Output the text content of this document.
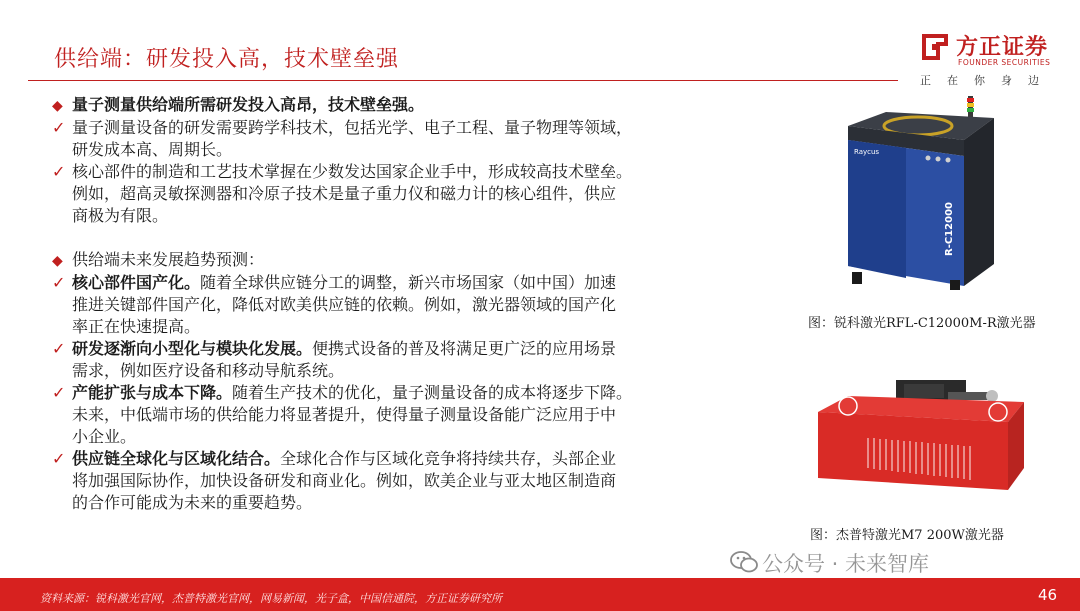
供给端：研发投入高，技术壁垒强	方正证券
FOUNDER SECURITIES
正在你身边
◆ 量子测量供给端所需研发投入高昂，技术壁垒强。
✓ 量子测量设备的研发需要跨学科技术，包括光学、电子工程、量子物理等领域，
研发成本高、周期长。
✓ 核心部件的制造和工艺技术掌握在少数发达国家企业手中，形成较高技术壁垒。
例如，超高灵敏探测器和冷原子技术是量子重力仪和磁力计的核心组件，供应
商极为有限。
◆ 供给端未来发展趋势预测：
✓ 核心部件国产化。随着全球供应链分工的调整，新兴市场国家（如中国）加速
推进关键部件国产化，降低对欧美供应链的依赖。例如，激光器领域的国产化
率正在快速提高。
✓ 研发逐渐向小型化与模块化发展。便携式设备的普及将满足更广泛的应用场景
需求，例如医疗设备和移动导航系统。
✓ 产能扩张与成本下降。随着生产技术的优化，量子测量设备的成本将逐步下降。
未来，中低端市场的供给能力将显著提升，使得量子测量设备能广泛应用于中
小企业。
✓ 供应链全球化与区域化结合。全球化合作与区域化竞争将持续共存，头部企业
将加强国际协作，加快设备研发和商业化。例如，欧美企业与亚太地区制造商
的合作可能成为未来的重要趋势。
Raycus
R-C12000
图：锐科激光RFL-C12000M-R激光器
图：杰普特激光M7 200W激光器
公众号 · 未来智库
资料来源：锐科激光官网，杰普特激光官网，网易新闻，光子盒，中国信通院，方正证券研究所	46
